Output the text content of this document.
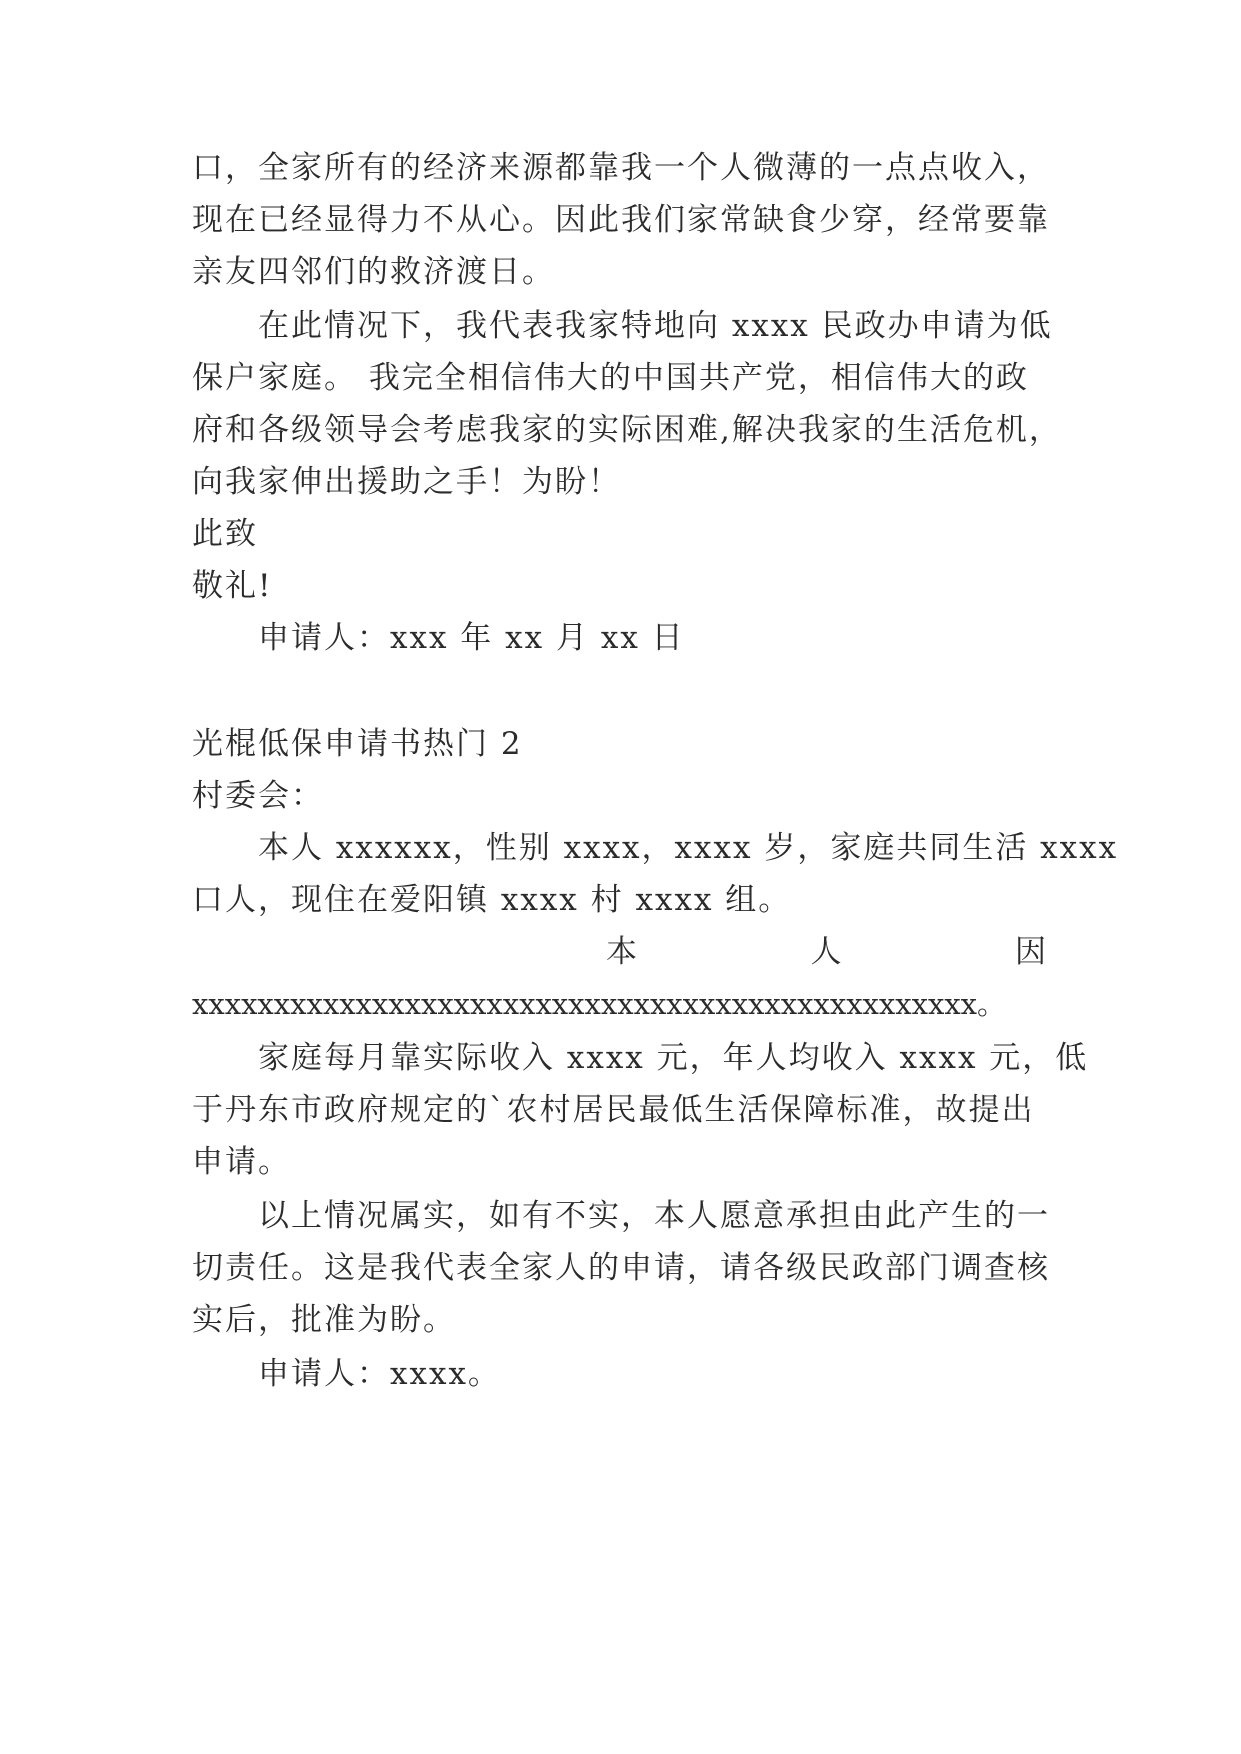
口，全家所有的经济来源都靠我一个人微薄的一点点收入，
现在已经显得力不从心。因此我们家常缺食少穿，经常要靠
亲友四邻们的救济渡日。
在此情况下，我代表我家特地向 xxxx 民政办申请为低
保户家庭。 我完全相信伟大的中国共产党，相信伟大的政
府和各级领导会考虑我家的实际困难,解决我家的生活危机，
向我家伸出援助之手！为盼！
此致
敬礼!
申请人：xxx 年 xx 月 xx 日
光棍低保申请书热门 2
村委会：
本人 xxxxxx，性别 xxxx，xxxx 岁，家庭共同生活 xxxx
口人，现住在爱阳镇 xxxx 村 xxxx 组。
本	人	因
xxxxxxxxxxxxxxxxxxxxxxxxxxxxxxxxxxxxxxxxxxxxxxxx。
家庭每月靠实际收入 xxxx 元，年人均收入 xxxx 元，低
于丹东市政府规定的`农村居民最低生活保障标准，故提出
申请。
以上情况属实，如有不实，本人愿意承担由此产生的一
切责任。这是我代表全家人的申请，请各级民政部门调查核
实后，批准为盼。
申请人：xxxx。
